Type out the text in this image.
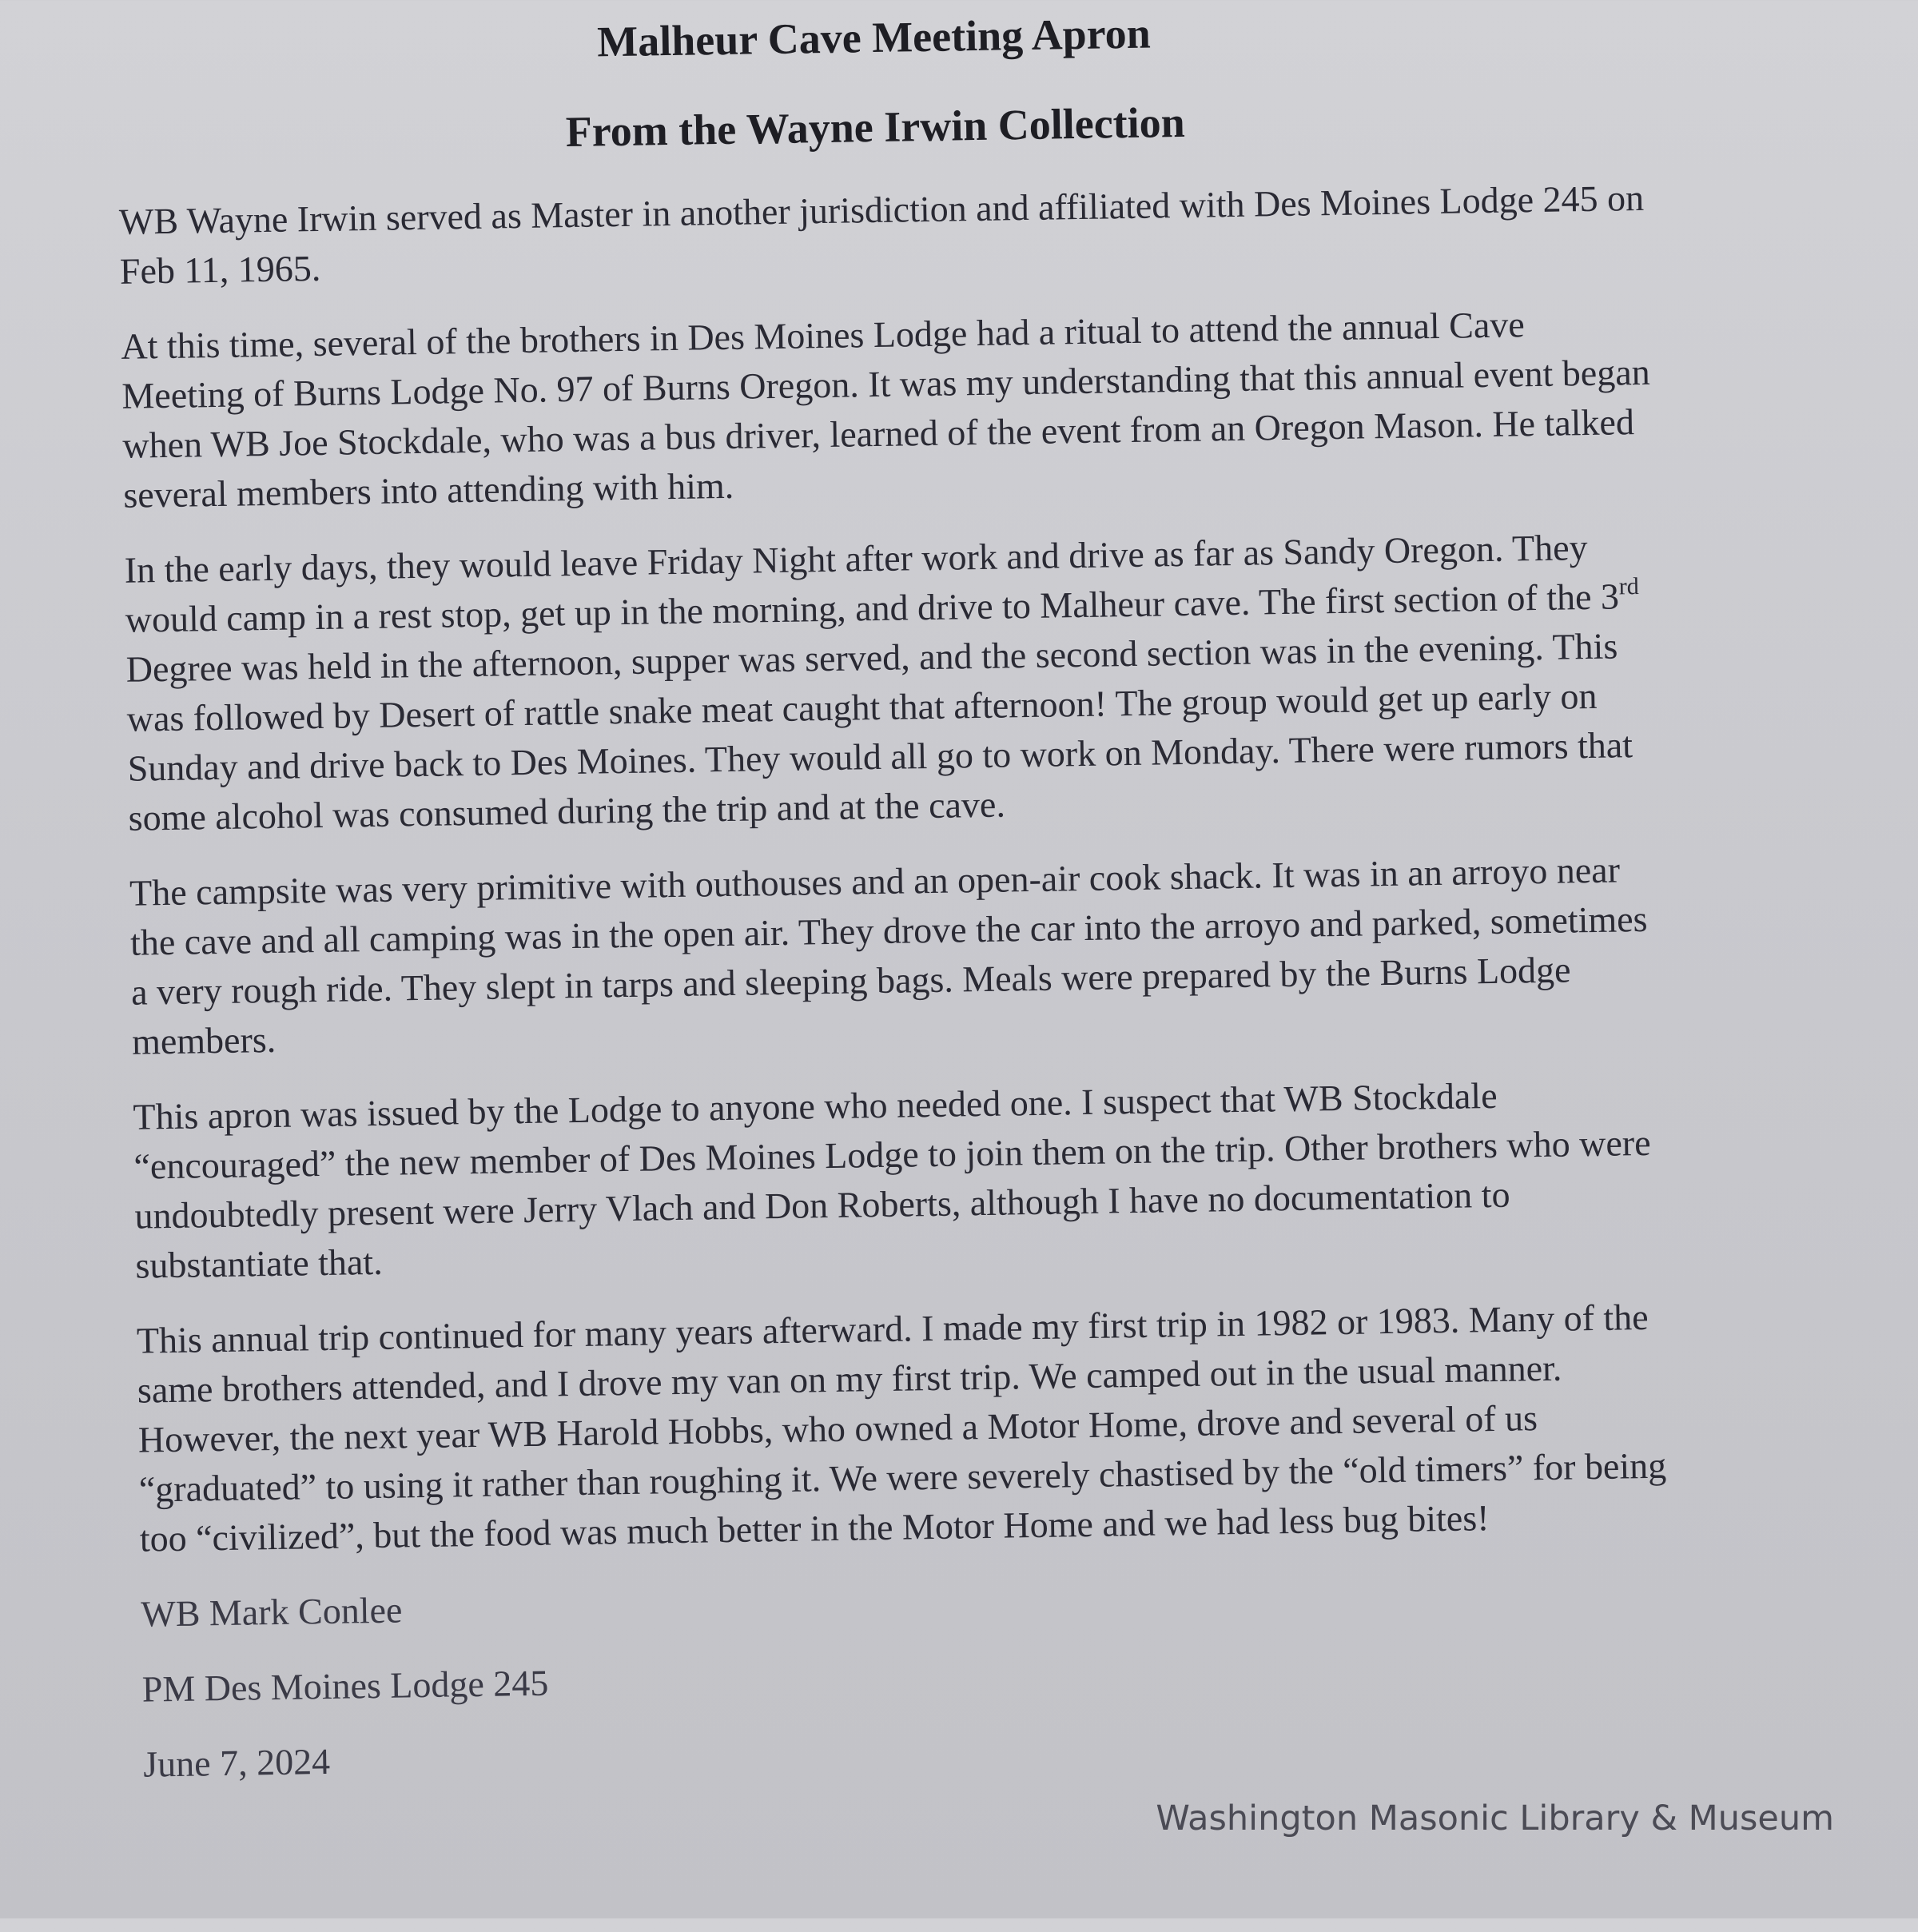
Malheur Cave Meeting Apron
From the Wayne Irwin Collection

WB Wayne Irwin served as Master in another jurisdiction and affiliated with Des Moines Lodge 245 on Feb 11, 1965.

At this time, several of the brothers in Des Moines Lodge had a ritual to attend the annual Cave Meeting of Burns Lodge No. 97 of Burns Oregon. It was my understanding that this annual event began when WB Joe Stockdale, who was a bus driver, learned of the event from an Oregon Mason. He talked several members into attending with him.

In the early days, they would leave Friday Night after work and drive as far as Sandy Oregon. They would camp in a rest stop, get up in the morning, and drive to Malheur cave. The first section of the 3rd Degree was held in the afternoon, supper was served, and the second section was in the evening. This was followed by Desert of rattle snake meat caught that afternoon! The group would get up early on Sunday and drive back to Des Moines. They would all go to work on Monday. There were rumors that some alcohol was consumed during the trip and at the cave.

The campsite was very primitive with outhouses and an open-air cook shack. It was in an arroyo near the cave and all camping was in the open air. They drove the car into the arroyo and parked, sometimes a very rough ride. They slept in tarps and sleeping bags. Meals were prepared by the Burns Lodge members.

This apron was issued by the Lodge to anyone who needed one. I suspect that WB Stockdale “encouraged” the new member of Des Moines Lodge to join them on the trip. Other brothers who were undoubtedly present were Jerry Vlach and Don Roberts, although I have no documentation to substantiate that.

This annual trip continued for many years afterward. I made my first trip in 1982 or 1983. Many of the same brothers attended, and I drove my van on my first trip. We camped out in the usual manner. However, the next year WB Harold Hobbs, who owned a Motor Home, drove and several of us “graduated” to using it rather than roughing it. We were severely chastised by the “old timers” for being too “civilized”, but the food was much better in the Motor Home and we had less bug bites!

WB Mark Conlee
PM Des Moines Lodge 245
June 7, 2024
Washington Masonic Library & Museum
